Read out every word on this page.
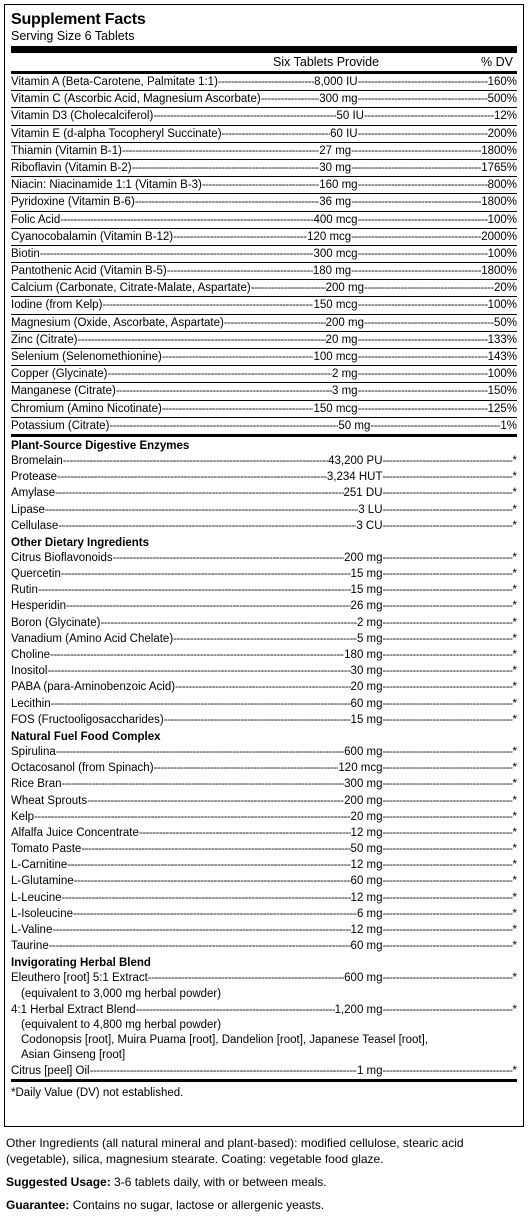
Supplement Facts
Serving Size 6 Tablets
Six Tablets Provide	% DV
Vitamin A (Beta-Carotene, Palmitate 1:1) -----	8,000 IU -----	160%
Vitamin C (Ascorbic Acid, Magnesium Ascorbate) -----	300 mg -----	500%
Vitamin D3 (Cholecalciferol) -----	50 IU -----	12%
Vitamin E (d-alpha Tocopheryl Succinate) -----	60 IU -----	200%
Thiamin (Vitamin B-1) -----	27 mg -----	1800%
Riboflavin (Vitamin B-2) -----	30 mg -----	1765%
Niacin: Niacinamide 1:1 (Vitamin B-3) -----	160 mg -----	800%
Pyridoxine (Vitamin B-6) -----	36 mg -----	1800%
Folic Acid -----	400 mcg -----	100%
Cyanocobalamin (Vitamin B-12) -----	120 mcg -----	2000%
Biotin -----	300 mcg -----	100%
Pantothenic Acid (Vitamin B-5) -----	180 mg -----	1800%
Calcium (Carbonate, Citrate-Malate, Aspartate) -----	200 mg -----	20%
Iodine (from Kelp) -----	150 mcg -----	100%
Magnesium (Oxide, Ascorbate, Aspartate) -----	200 mg -----	50%
Zinc (Citrate) -----	20 mg -----	133%
Selenium (Selenomethionine) -----	100 mcg -----	143%
Copper (Glycinate) -----	2 mg -----	100%
Manganese (Citrate) -----	3 mg -----	150%
Chromium (Amino Nicotinate) -----	150 mcg -----	125%
Potassium (Citrate) -----	50 mg -----	1%
Plant-Source Digestive Enzymes
Bromelain -----	43,200 PU -----	*
Protease -----	3,234 HUT -----	*
Amylase -----	251 DU -----	*
Lipase -----	3 LU -----	*
Cellulase -----	3 CU -----	*
Other Dietary Ingredients
Citrus Bioflavonoids -----	200 mg -----	*
Quercetin -----	15 mg -----	*
Rutin -----	15 mg -----	*
Hesperidin -----	26 mg -----	*
Boron (Glycinate) -----	2 mg -----	*
Vanadium (Amino Acid Chelate) -----	5 mg -----	*
Choline -----	180 mg -----	*
Inositol -----	30 mg -----	*
PABA (para-Aminobenzoic Acid) -----	20 mg -----	*
Lecithin -----	60 mg -----	*
FOS (Fructooligosaccharides) -----	15 mg -----	*
Natural Fuel Food Complex
Spirulina -----	600 mg -----	*
Octacosanol (from Spinach) -----	120 mcg -----	*
Rice Bran -----	300 mg -----	*
Wheat Sprouts -----	200 mg -----	*
Kelp -----	20 mg -----	*
Alfalfa Juice Concentrate -----	12 mg -----	*
Tomato Paste -----	50 mg -----	*
L-Carnitine -----	12 mg -----	*
L-Glutamine -----	60 mg -----	*
L-Leucine -----	12 mg -----	*
L-Isoleucine -----	6 mg -----	*
L-Valine -----	12 mg -----	*
Taurine -----	60 mg -----	*
Invigorating Herbal Blend
Eleuthero [root] 5:1 Extract -----	600 mg -----	*
(equivalent to 3,000 mg herbal powder)
4:1 Herbal Extract Blend -----	1,200 mg -----	*
(equivalent to 4,800 mg herbal powder)
Codonopsis [root], Muira Puama [root], Dandelion [root], Japanese Teasel [root],
Asian Ginseng [root]
Citrus [peel] Oil -----	1 mg -----	*
*Daily Value (DV) not established.

Other Ingredients (all natural mineral and plant-based): modified cellulose, stearic acid (vegetable), silica, magnesium stearate. Coating: vegetable food glaze.

Suggested Usage: 3-6 tablets daily, with or between meals.

Guarantee: Contains no sugar, lactose or allergenic yeasts.
